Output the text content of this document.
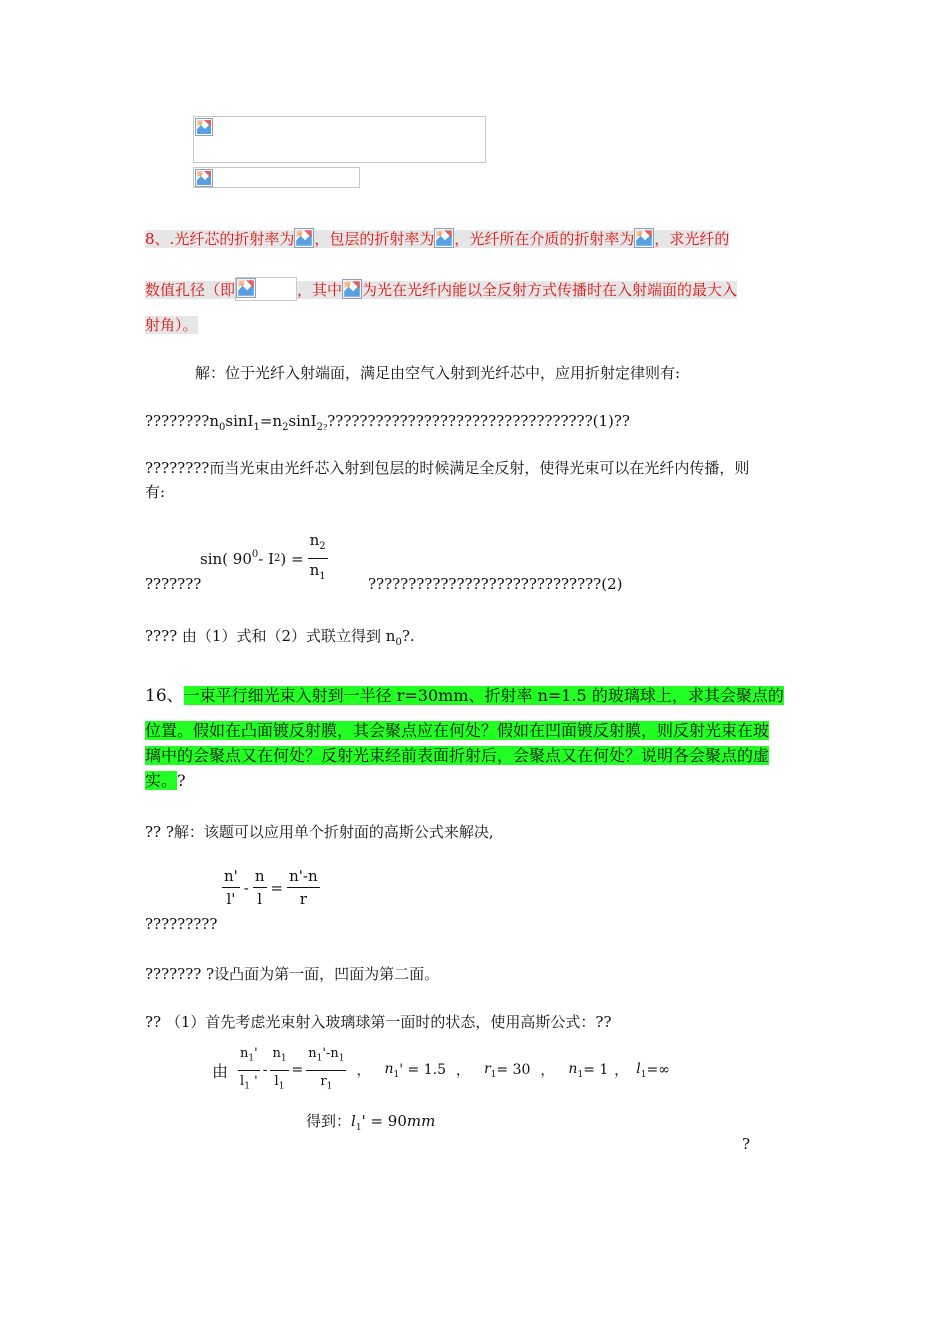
8、.光纤芯的折射率为 ，包层的折射率为 ，光纤所在介质的折射率为 ，求光纤的
数值孔径（即	，其中 为光在光纤内能以全反射方式传播时在入射端面的最大入
射角）。
解：位于光纤入射端面，满足由空气入射到光纤芯中，应用折射定律则有:
$????????n_0\sin I_1=n_2\sin I_{2?}?????????????????????????????????(1)$??
????????而当光束由光纤芯入射到包层的时候满足全反射，使得光束可以在光纤内传播，则
有:
sin( $90^0$ - I 2 ) = $\frac{n_2}{n_1}$
???????	?????????????????????????????(2)
???? 由（1）式和（2）式联立得到 $n_0$?.
16、一束平行细光束入射到一半径 r=30mm、折射率 n=1.5 的玻璃球上，求其会聚点的
位置。假如在凸面镀反射膜，其会聚点应在何处？假如在凹面镀反射膜，则反射光束在玻
璃中的会聚点又在何处？反射光束经前表面折射后，会聚点又在何处？说明各会聚点的虚
实。?
?? ?解：该题可以应用单个折射面的高斯公式来解决,
$\frac{n'}{l'} - \frac{n}{l} = \frac{n'-n}{r}$
?????????
??????? ?设凸面为第一面，凹面为第二面。
?? （1）首先考虑光束射入玻璃球第一面时的状态，使用高斯公式：??
由 $\frac{n_1'}{l_1 '} - \frac{n_1}{l_1} = \frac{n_1'-n_1}{r_1}$ ， $n_1$ ' = 1.5 ， $r_1 = 30$ ， $n_1 = 1$ ， $l_1$ =∞
得到：$l_1' = 90mm$
?
